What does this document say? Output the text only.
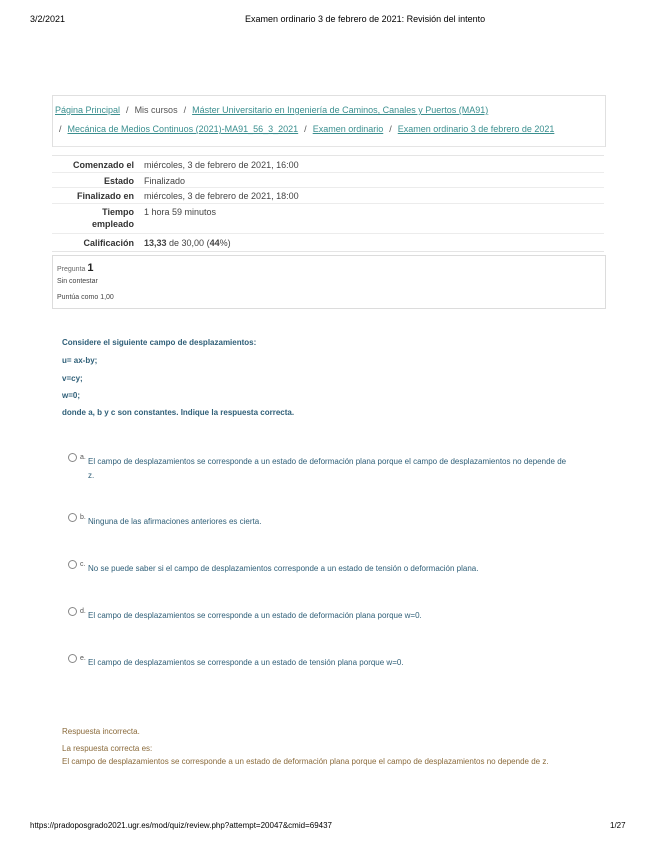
3/2/2021	Examen ordinario 3 de febrero de 2021: Revisión del intento
Página Principal / Mis cursos / Máster Universitario en Ingeniería de Caminos, Canales y Puertos (MA91)
/ Mecánica de Medios Continuos (2021)-MA91_56_3_2021 / Examen ordinario / Examen ordinario 3 de febrero de 2021
Comenzado el miércoles, 3 de febrero de 2021, 16:00
Estado Finalizado
Finalizado en miércoles, 3 de febrero de 2021, 18:00
Tiempo
empleado
1 hora 59 minutos
Calificación 13,33 de 30,00 (44%)
Pregunta 1
Sin contestar
Puntúa como 1,00
Considere el siguiente campo de desplazamientos:
u= ax-by;
v=cy;
w=0;
donde a, b y c son constantes. Indique la respuesta correcta.
a. El campo de desplazamientos se corresponde a un estado de deformación plana porque el campo de desplazamientos no depende de z.
b. Ninguna de las afirmaciones anteriores es cierta.
c. No se puede saber si el campo de desplazamientos corresponde a un estado de tensión o deformación plana.
d. El campo de desplazamientos se corresponde a un estado de deformación plana porque w=0.
e. El campo de desplazamientos se corresponde a un estado de tensión plana porque w=0.
Respuesta incorrecta.
La respuesta correcta es:
El campo de desplazamientos se corresponde a un estado de deformación plana porque el campo de desplazamientos no depende de z.
https://pradoposgrado2021.ugr.es/mod/quiz/review.php?attempt=20047&cmid=69437	1/27
